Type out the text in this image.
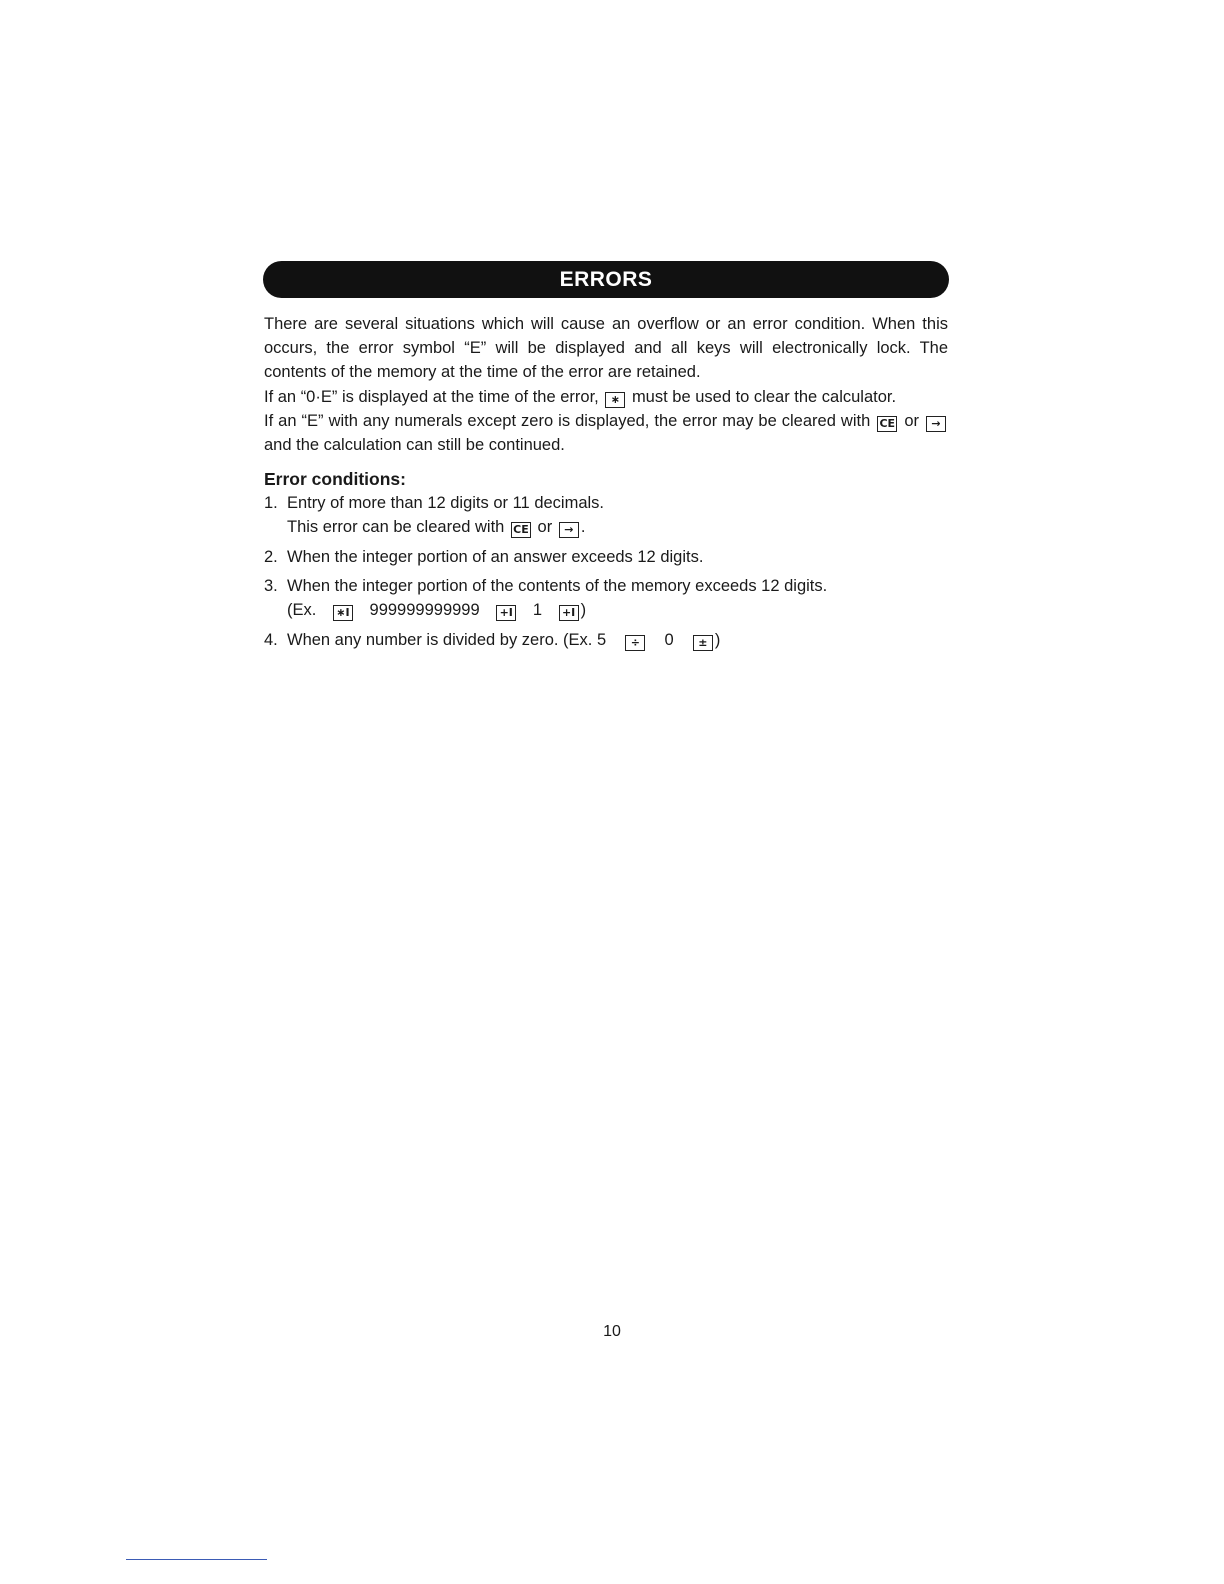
ERRORS

There are several situations which will cause an overflow or an error condition. When this occurs, the error symbol “E” will be displayed and all keys will electronically lock. The contents of the memory at the time of the error are retained.

If an “0·E” is displayed at the time of the error, ∗ must be used to clear the calculator.

If an “E” with any numerals except zero is displayed, the error may be cleared with CE or → and the calculation can still be continued.

Error conditions:
1. Entry of more than 12 digits or 11 decimals.
This error can be cleared with CE or → .
2. When the integer portion of an answer exceeds 12 digits.
3. When the integer portion of the contents of the memory exceeds 12 digits.
(Ex. ∗I 999999999999 +I 1 +I )
4. When any number is divided by zero. (Ex. 5 ÷ 0 ± )
10
